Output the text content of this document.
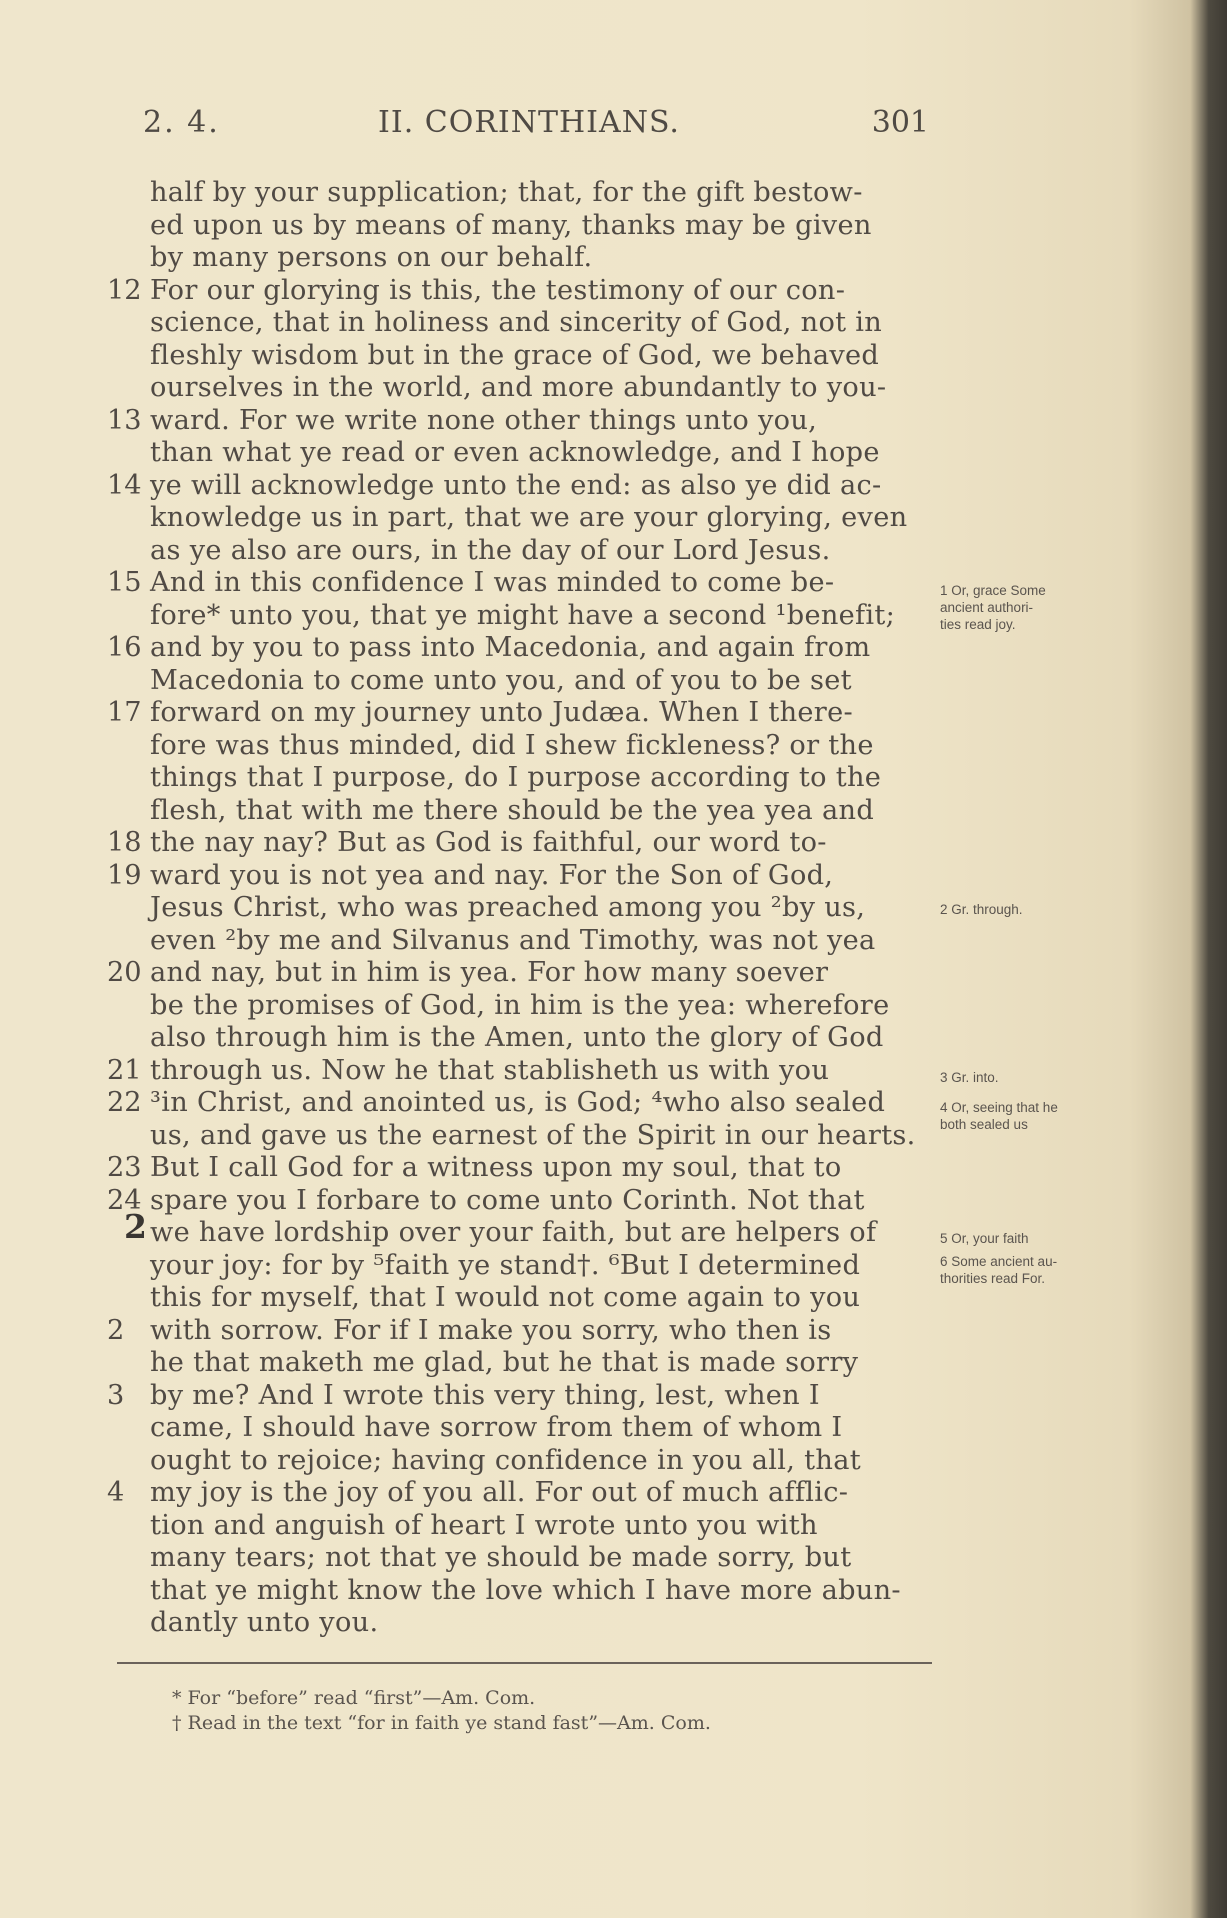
2. 4.	II. CORINTHIANS.	301
half by your supplication; that, for the gift bestow-
ed upon us by means of many, thanks may be given
by many persons on our behalf.
For our glorying is this, the testimony of our con-
12
science, that in holiness and sincerity of God, not in
fleshly wisdom but in the grace of God, we behaved
ourselves in the world, and more abundantly to you-
ward. For we write none other things unto you,
13
than what ye read or even acknowledge, and I hope
ye will acknowledge unto the end: as also ye did ac-
14
knowledge us in part, that we are your glorying, even
as ye also are ours, in the day of our Lord Jesus.
And in this confidence I was minded to come be-
15
fore* unto you, that ye might have a second ¹benefit;
and by you to pass into Macedonia, and again from
16
Macedonia to come unto you, and of you to be set
forward on my journey unto Judæa. When I there-
17
fore was thus minded, did I shew fickleness? or the
things that I purpose, do I purpose according to the
flesh, that with me there should be the yea yea and
the nay nay? But as God is faithful, our word to-
18
ward you is not yea and nay. For the Son of God,
19
Jesus Christ, who was preached among you ²by us,
even ²by me and Silvanus and Timothy, was not yea
and nay, but in him is yea. For how many soever
20
be the promises of God, in him is the yea: wherefore
also through him is the Amen, unto the glory of God
through us. Now he that stablisheth us with you
21
³in Christ, and anointed us, is God; ⁴who also sealed
22
us, and gave us the earnest of the Spirit in our hearts.
But I call God for a witness upon my soul, that to
23
spare you I forbare to come unto Corinth. Not that
24
we have lordship over your faith, but are helpers of
your joy: for by ⁵faith ye stand†. ⁶But I determined
this for myself, that I would not come again to you
with sorrow. For if I make you sorry, who then is
2
he that maketh me glad, but he that is made sorry
by me? And I wrote this very thing, lest, when I
3
came, I should have sorrow from them of whom I
ought to rejoice; having confidence in you all, that
my joy is the joy of you all. For out of much afflic-
4
tion and anguish of heart I wrote unto you with
many tears; not that ye should be made sorry, but
that ye might know the love which I have more abun-
dantly unto you.
2
1 Or, grace Some
ancient authori-
ties read joy.
2 Gr. through.
3 Gr. into.
4 Or, seeing that he
both sealed us
5 Or, your faith
6 Some ancient au-
thorities read For.
* For “before” read “first”—Am. Com.
† Read in the text “for in faith ye stand fast”—Am. Com.
